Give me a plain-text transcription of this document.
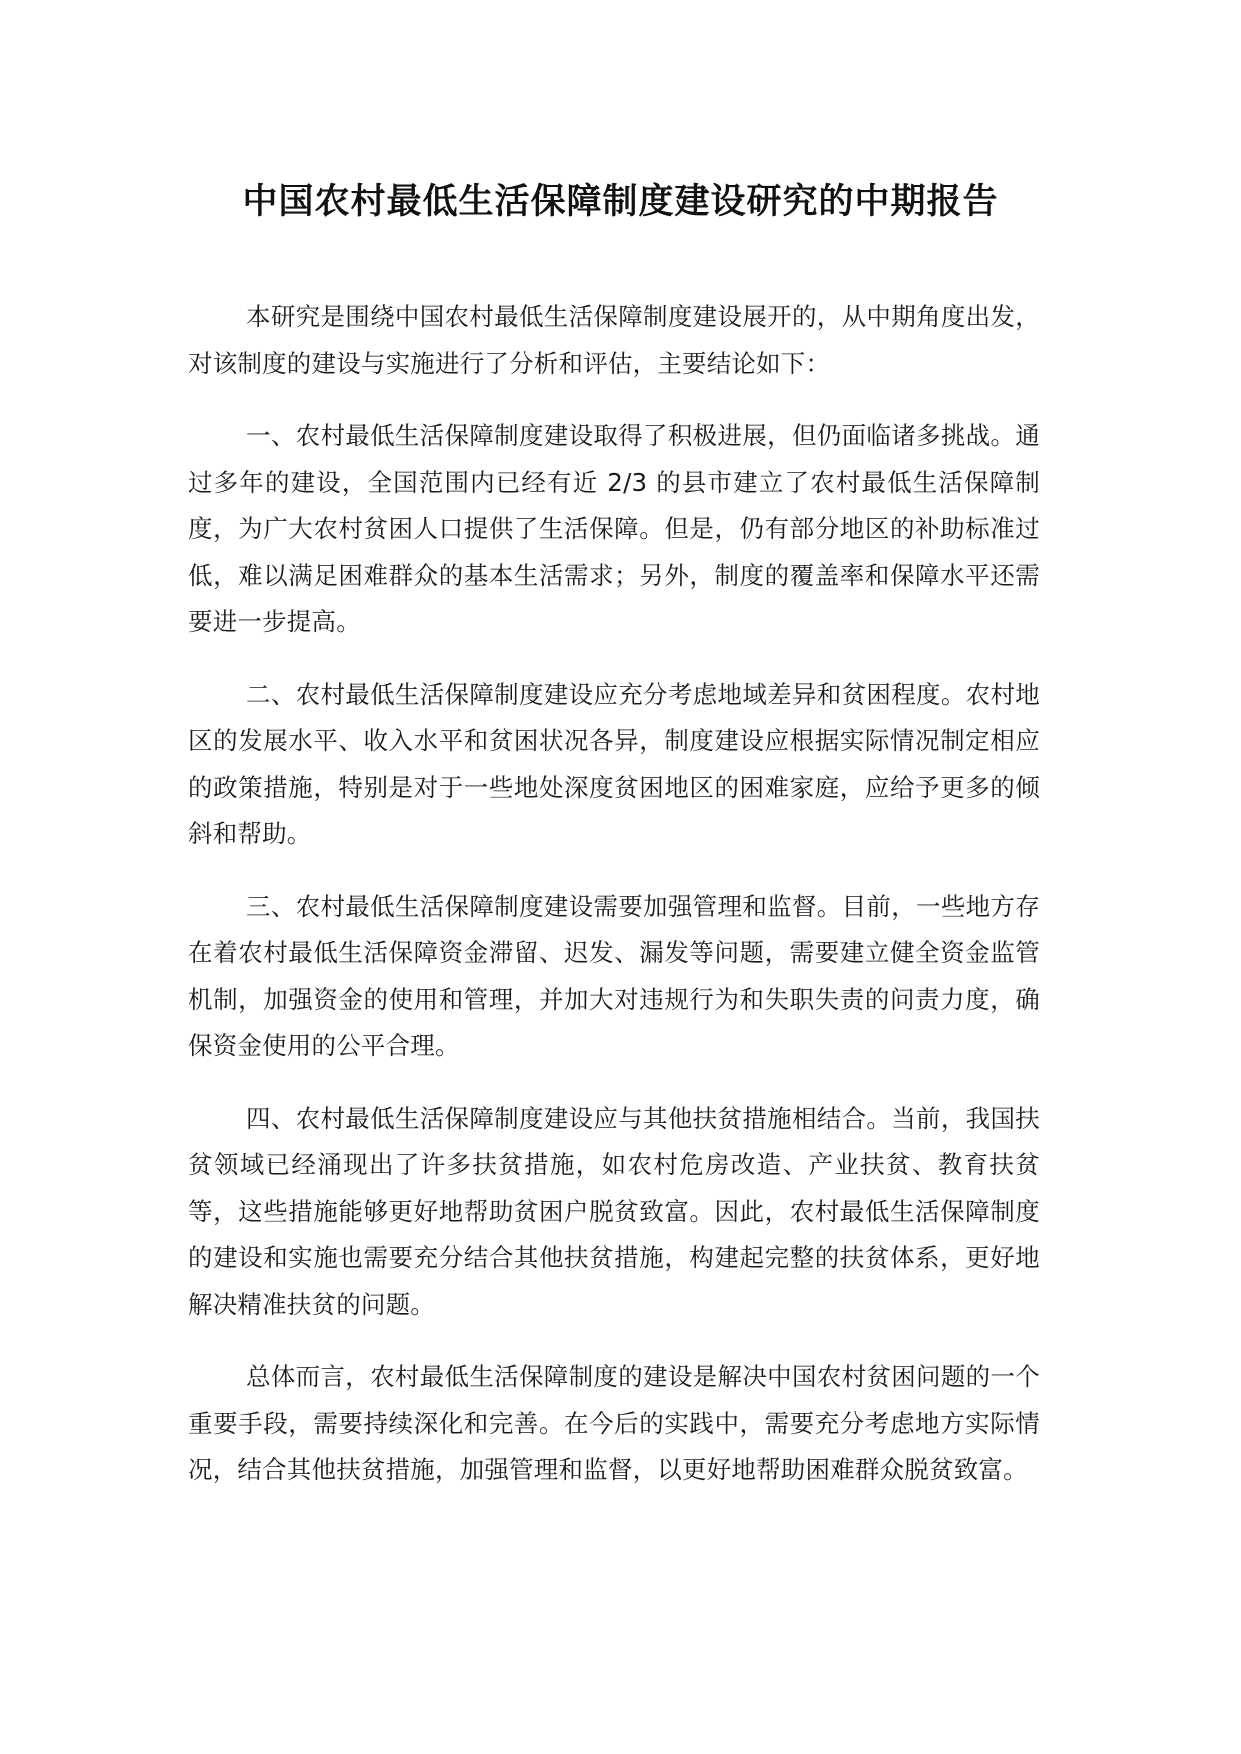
中国农村最低生活保障制度建设研究的中期报告

本研究是围绕中国农村最低生活保障制度建设展开的，从中期角度出发，对该制度的建设与实施进行了分析和评估，主要结论如下：

一、农村最低生活保障制度建设取得了积极进展，但仍面临诸多挑战。通过多年的建设，全国范围内已经有近 2/3 的县市建立了农村最低生活保障制度，为广大农村贫困人口提供了生活保障。但是，仍有部分地区的补助标准过低，难以满足困难群众的基本生活需求；另外，制度的覆盖率和保障水平还需要进一步提高。

二、农村最低生活保障制度建设应充分考虑地域差异和贫困程度。农村地区的发展水平、收入水平和贫困状况各异，制度建设应根据实际情况制定相应的政策措施，特别是对于一些地处深度贫困地区的困难家庭，应给予更多的倾斜和帮助。

三、农村最低生活保障制度建设需要加强管理和监督。目前，一些地方存在着农村最低生活保障资金滞留、迟发、漏发等问题，需要建立健全资金监管机制，加强资金的使用和管理，并加大对违规行为和失职失责的问责力度，确保资金使用的公平合理。

四、农村最低生活保障制度建设应与其他扶贫措施相结合。当前，我国扶贫领域已经涌现出了许多扶贫措施，如农村危房改造、产业扶贫、教育扶贫等，这些措施能够更好地帮助贫困户脱贫致富。因此，农村最低生活保障制度的建设和实施也需要充分结合其他扶贫措施，构建起完整的扶贫体系，更好地解决精准扶贫的问题。

总体而言，农村最低生活保障制度的建设是解决中国农村贫困问题的一个重要手段，需要持续深化和完善。在今后的实践中，需要充分考虑地方实际情况，结合其他扶贫措施，加强管理和监督，以更好地帮助困难群众脱贫致富。
